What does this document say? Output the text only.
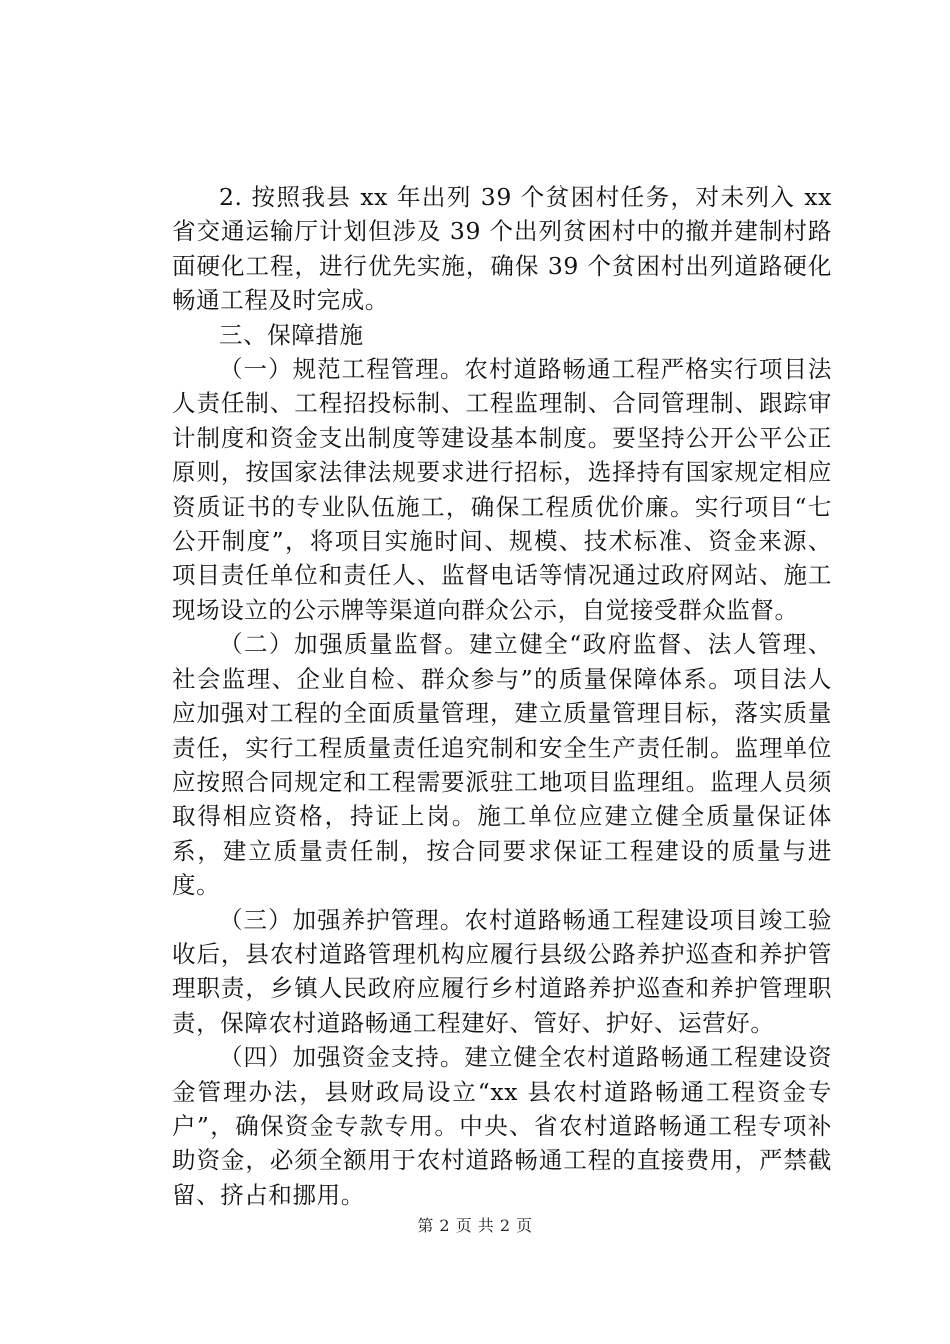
2. 按照我县 xx 年出列 39 个贫困村任务，对未列入 xx 省交通运输厅计划但涉及 39 个出列贫困村中的撤并建制村路面硬化工程，进行优先实施，确保 39 个贫困村出列道路硬化畅通工程及时完成。

三、保障措施

（一）规范工程管理。农村道路畅通工程严格实行项目法人责任制、工程招投标制、工程监理制、合同管理制、跟踪审计制度和资金支出制度等建设基本制度。要坚持公开公平公正原则，按国家法律法规要求进行招标，选择持有国家规定相应资质证书的专业队伍施工，确保工程质优价廉。实行项目“七公开制度”，将项目实施时间、规模、技术标准、资金来源、项目责任单位和责任人、监督电话等情况通过政府网站、施工现场设立的公示牌等渠道向群众公示，自觉接受群众监督。

（二）加强质量监督。建立健全“政府监督、法人管理、社会监理、企业自检、群众参与”的质量保障体系。项目法人应加强对工程的全面质量管理，建立质量管理目标，落实质量责任，实行工程质量责任追究制和安全生产责任制。监理单位应按照合同规定和工程需要派驻工地项目监理组。监理人员须取得相应资格，持证上岗。施工单位应建立健全质量保证体系，建立质量责任制，按合同要求保证工程建设的质量与进度。

（三）加强养护管理。农村道路畅通工程建设项目竣工验收后，县农村道路管理机构应履行县级公路养护巡查和养护管理职责，乡镇人民政府应履行乡村道路养护巡查和养护管理职责，保障农村道路畅通工程建好、管好、护好、运营好。

（四）加强资金支持。建立健全农村道路畅通工程建设资金管理办法，县财政局设立“xx 县农村道路畅通工程资金专户”，确保资金专款专用。中央、省农村道路畅通工程专项补助资金，必须全额用于农村道路畅通工程的直接费用，严禁截留、挤占和挪用。

第 2 页 共 2 页
